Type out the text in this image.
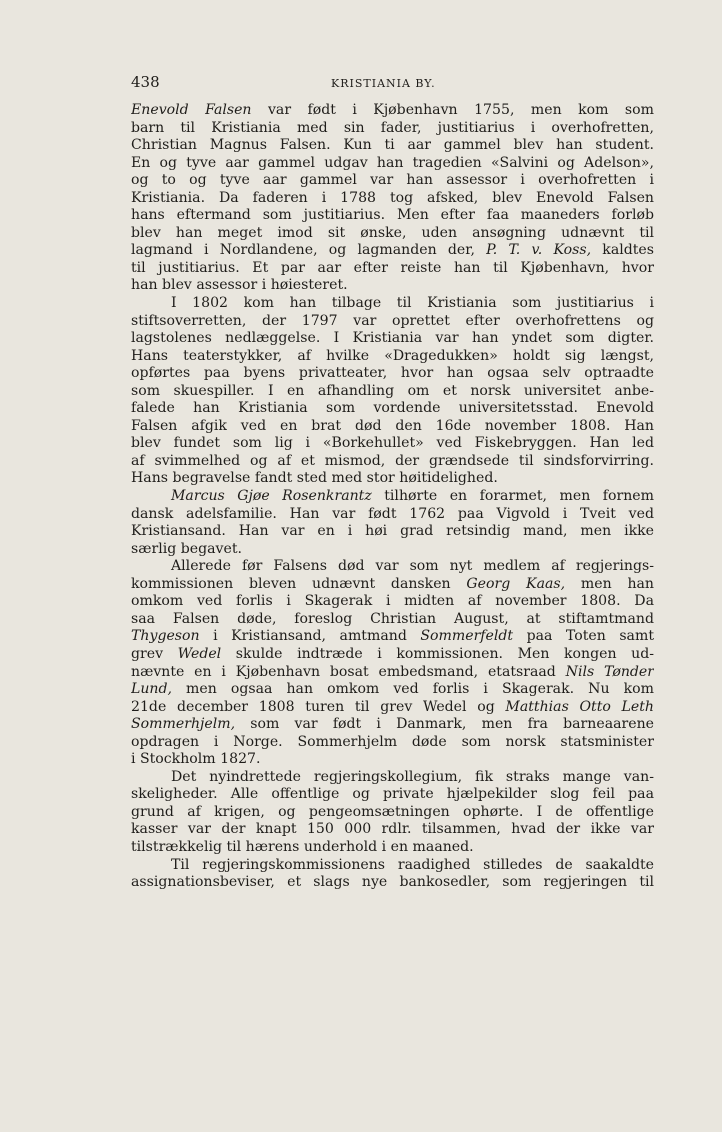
438	KRISTIANIA BY.
Enevold Falsen var født i Kjøbenhavn 1755, men kom som
barn til Kristiania med sin fader, justitiarius i overhofretten,
Christian Magnus Falsen. Kun ti aar gammel blev han student.
En og tyve aar gammel udgav han tragedien «Salvini og Adelson»,
og to og tyve aar gammel var han assessor i overhofretten i
Kristiania. Da faderen i 1788 tog afsked, blev Enevold Falsen
hans eftermand som justitiarius. Men efter faa maaneders forløb
blev han meget imod sit ønske, uden ansøgning udnævnt til
lagmand i Nordlandene, og lagmanden der, P. T. v. Koss, kaldtes
til justitiarius. Et par aar efter reiste han til Kjøbenhavn, hvor
han blev assessor i høiesteret.
I 1802 kom han tilbage til Kristiania som justitiarius i
stiftsoverretten, der 1797 var oprettet efter overhofrettens og
lagstolenes nedlæggelse. I Kristiania var han yndet som digter.
Hans teaterstykker, af hvilke «Dragedukken» holdt sig længst,
opførtes paa byens privatteater, hvor han ogsaa selv optraadte
som skuespiller. I en afhandling om et norsk universitet anbe-
falede han Kristiania som vordende universitetsstad. Enevold
Falsen afgik ved en brat død den 16de november 1808. Han
blev fundet som lig i «Borkehullet» ved Fiskebryggen. Han led
af svimmelhed og af et mismod, der grændsede til sindsforvirring.
Hans begravelse fandt sted med stor høitidelighed.
Marcus Gjøe Rosenkrantz tilhørte en forarmet, men fornem
dansk adelsfamilie. Han var født 1762 paa Vigvold i Tveit ved
Kristiansand. Han var en i høi grad retsindig mand, men ikke
særlig begavet.
Allerede før Falsens død var som nyt medlem af regjerings-
kommissionen bleven udnævnt dansken Georg Kaas, men han
omkom ved forlis i Skagerak i midten af november 1808. Da
saa Falsen døde, foreslog Christian August, at stiftamtmand
Thygeson i Kristiansand, amtmand Sommerfeldt paa Toten samt
grev Wedel skulde indtræde i kommissionen. Men kongen ud-
nævnte en i Kjøbenhavn bosat embedsmand, etatsraad Nils Tønder
Lund, men ogsaa han omkom ved forlis i Skagerak. Nu kom
21de december 1808 turen til grev Wedel og Matthias Otto Leth
Sommerhjelm, som var født i Danmark, men fra barneaarene
opdragen i Norge. Sommerhjelm døde som norsk statsminister
i Stockholm 1827.
Det nyindrettede regjeringskollegium, fik straks mange van-
skeligheder. Alle offentlige og private hjælpekilder slog feil paa
grund af krigen, og pengeomsætningen ophørte. I de offentlige
kasser var der knapt 150 000 rdlr. tilsammen, hvad der ikke var
tilstrækkelig til hærens underhold i en maaned.
Til regjeringskommissionens raadighed stilledes de saakaldte
assignationsbeviser, et slags nye bankosedler, som regjeringen til
